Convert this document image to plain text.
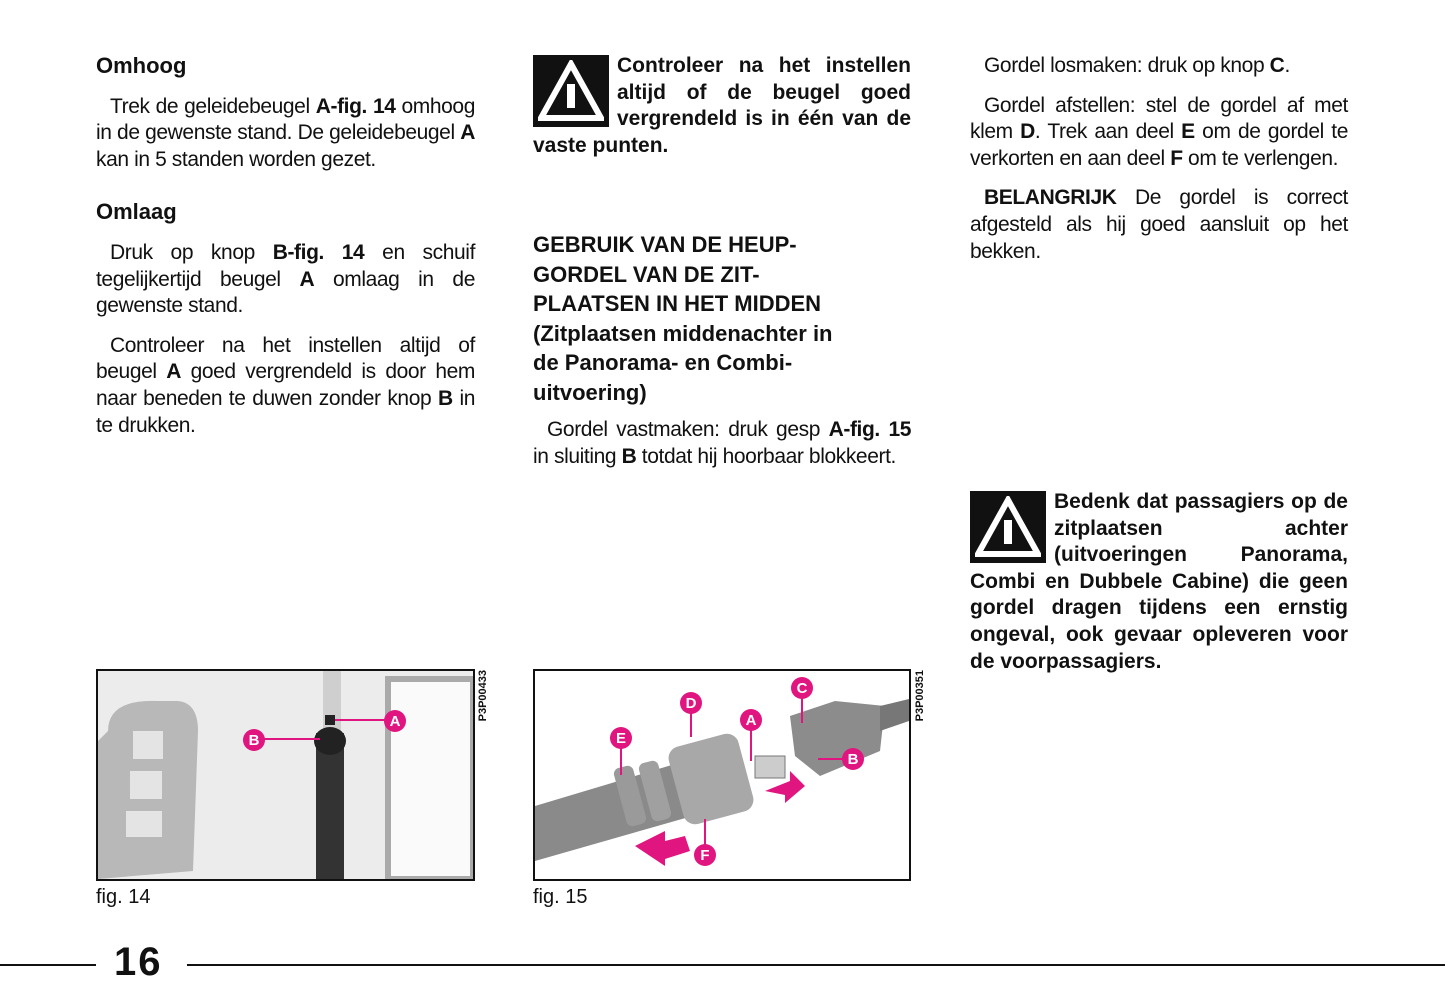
Omhoog

Trek de geleidebeugel A-fig. 14 omhoog in de gewenste stand. De geleidebeugel A kan in 5 standen worden gezet.

Omlaag

Druk op knop B-fig. 14 en schuif tegelijkertijd beugel A omlaag in de gewenste stand.

Controleer na het instellen altijd of beugel A goed vergrendeld is door hem naar beneden te duwen zonder knop B in te drukken.

Controleer na het instellen altijd of de beugel goed vergrendeld is in één van de vaste punten.
GEBRUIK VAN DE HEUP-
GORDEL VAN DE ZIT-
PLAATSEN IN HET MIDDEN
(Zitplaatsen middenachter in
de Panorama- en Combi-
uitvoering)

Gordel vastmaken: druk gesp A-fig. 15 in sluiting B totdat hij hoorbaar blokkeert.

Gordel losmaken: druk op knop C.

Gordel afstellen: stel de gordel af met klem D. Trek aan deel E om de gordel te verkorten en aan deel F om te verlengen.

BELANGRIJK De gordel is correct afgesteld als hij goed aansluit op het bekken.

Bedenk dat passagiers op de zitplaatsen achter (uitvoeringen Panorama, Combi en Dubbele Cabine) die geen gordel dragen tijdens een ernstig ongeval, ook gevaar opleveren voor de voorpassagiers.
A
B
P3P00433
fig. 14
A
B
C
D
E
F
P3P00351
fig. 15
16
